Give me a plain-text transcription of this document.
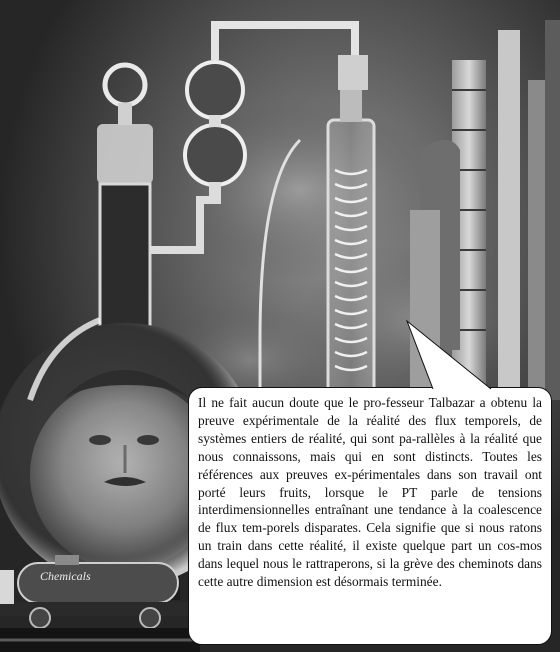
Chemicals

Il ne fait aucun doute que le pro-fesseur Talbazar a obtenu la preuve expérimentale de la réalité des flux temporels, de systèmes entiers de réalité, qui sont pa-rallèles à la réalité que nous connaissons, mais qui en sont distincts. Toutes les références aux preuves ex-périmentales dans son travail ont porté leurs fruits, lorsque le PT parle de tensions interdimensionnelles entraînant une tendance à la coalescence de flux tem-porels disparates. Cela signifie que si nous ratons un train dans cette réalité, il existe quelque part un cos-mos dans lequel nous le rattraperons, si la grève des cheminots dans cette autre dimension est désormais terminée.
